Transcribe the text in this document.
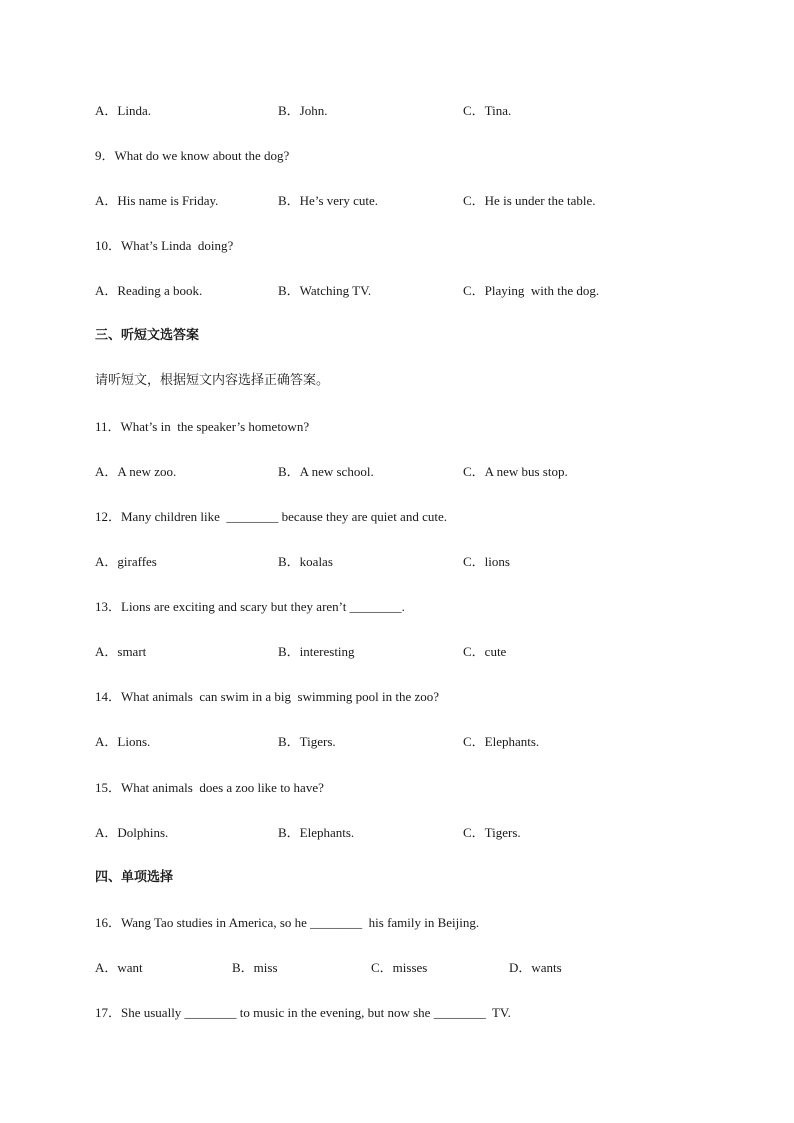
A．Linda.	B．John.	C．Tina.
9．What do we know about the dog?
A．His name is Friday.	B．He’s very cute.	C．He is under the table.
10．What’s Linda  doing?
A．Reading a book.	B．Watching TV.	C．Playing  with the dog.
三、听短文选答案
请听短文，根据短文内容选择正确答案。
11．What’s in  the speaker’s hometown?
A．A new zoo.	B．A new school.	C．A new bus stop.
12．Many children like  ________ because they are quiet and cute.
A．giraffes	B．koalas	C．lions
13．Lions are exciting and scary but they aren’t ________.
A．smart	B．interesting	C．cute
14．What animals  can swim in a big  swimming pool in the zoo?
A．Lions.	B．Tigers.	C．Elephants.
15．What animals  does a zoo like to have?
A．Dolphins.	B．Elephants.	C．Tigers.
四、单项选择
16．Wang Tao studies in America, so he ________  his family in Beijing.
A．want	B．miss	C．misses	D．wants
17．She usually ________ to music in the evening, but now she ________  TV.
